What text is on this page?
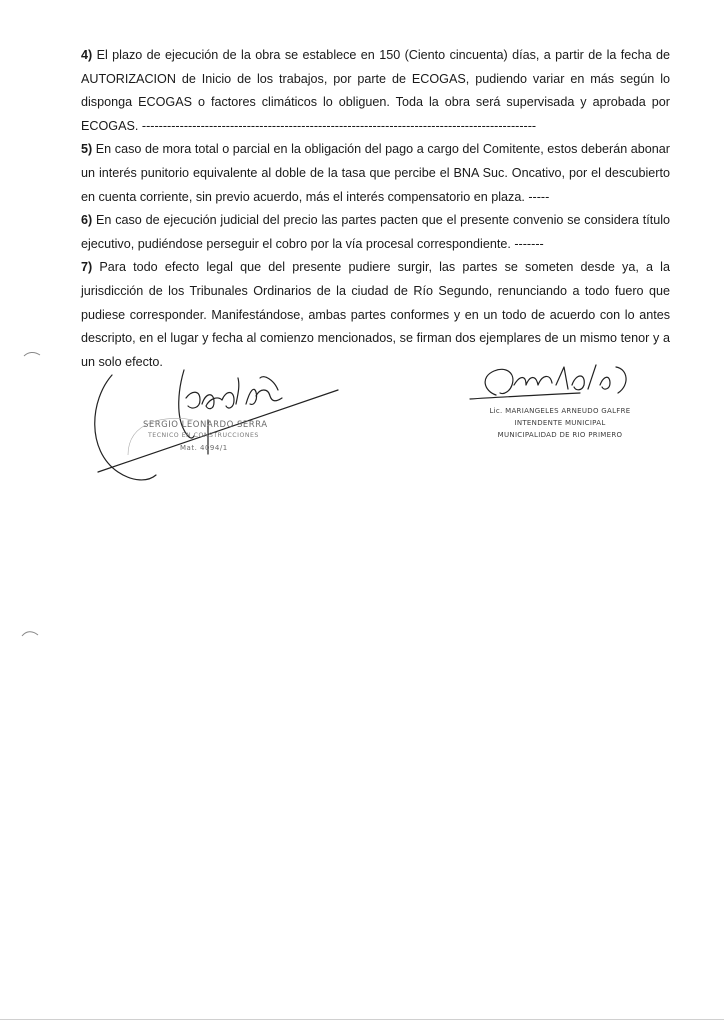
4) El plazo de ejecución de la obra se establece en 150 (Ciento cincuenta) días, a partir de la fecha de AUTORIZACION de Inicio de los trabajos, por parte de ECOGAS, pudiendo variar en más según lo disponga ECOGAS o factores climáticos lo obliguen. Toda la obra será supervisada y aprobada por ECOGAS. ----------------------------------------------------------------------------------------------

5) En caso de mora total o parcial en la obligación del pago a cargo del Comitente, estos deberán abonar un interés punitorio equivalente al doble de la tasa que percibe el BNA Suc. Oncativo, por el descubierto en cuenta corriente, sin previo acuerdo, más el interés compensatorio en plaza. -----

6) En caso de ejecución judicial del precio las partes pacten que el presente convenio se considera título ejecutivo, pudiéndose perseguir el cobro por la vía procesal correspondiente. -------

7) Para todo efecto legal que del presente pudiere surgir, las partes se someten desde ya, a la jurisdicción de los Tribunales Ordinarios de la ciudad de Río Segundo, renunciando a todo fuero que pudiese corresponder. Manifestándose, ambas partes conformes y en un todo de acuerdo con lo antes descripto, en el lugar y fecha al comienzo mencionados, se firman dos ejemplares de un mismo tenor y a un solo efecto.

SERGIO LEONARDO SERRA
TECNICO EN CONSTRUCCIONES
Mat. 4094/1
Lic. MARIANGELES ARNEUDO GALFRE
INTENDENTE MUNICIPAL
MUNICIPALIDAD DE RIO PRIMERO
